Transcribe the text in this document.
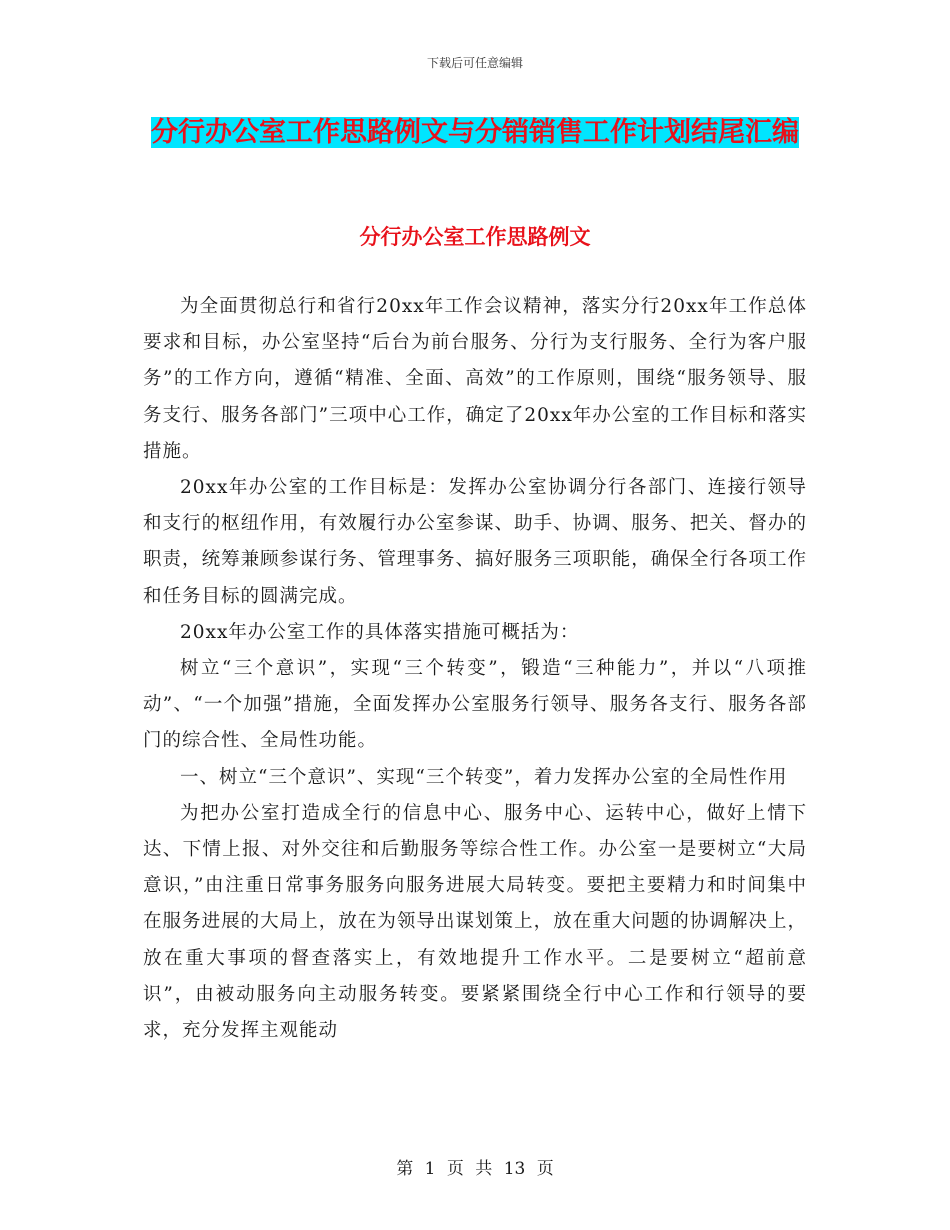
下载后可任意编辑
分行办公室工作思路例文与分销销售工作计划结尾汇编
分行办公室工作思路例文

为全面贯彻总行和省行20xx年工作会议精神，落实分行20xx年工作总体要求和目标，办公室坚持“后台为前台服务、分行为支行服务、全行为客户服务”的工作方向，遵循“精准、全面、高效”的工作原则，围绕“服务领导、服务支行、服务各部门”三项中心工作，确定了20xx年办公室的工作目标和落实措施。

20xx年办公室的工作目标是：发挥办公室协调分行各部门、连接行领导和支行的枢纽作用，有效履行办公室参谋、助手、协调、服务、把关、督办的职责，统筹兼顾参谋行务、管理事务、搞好服务三项职能，确保全行各项工作和任务目标的圆满完成。

20xx年办公室工作的具体落实措施可概括为：

树立“三个意识”，实现“三个转变”，锻造“三种能力”，并以“八项推动”、“一个加强”措施，全面发挥办公室服务行领导、服务各支行、服务各部门的综合性、全局性功能。

一、树立“三个意识”、实现“三个转变”，着力发挥办公室的全局性作用

为把办公室打造成全行的信息中心、服务中心、运转中心，做好上情下达、下情上报、对外交往和后勤服务等综合性工作。办公室一是要树立“大局意识，”由注重日常事务服务向服务进展大局转变。要把主要精力和时间集中在服务进展的大局上，放在为领导出谋划策上，放在重大问题的协调解决上，放在重大事项的督查落实上，有效地提升工作水平。二是要树立“超前意识”，由被动服务向主动服务转变。要紧紧围绕全行中心工作和行领导的要求，充分发挥主观能动

第 1 页 共 13 页
